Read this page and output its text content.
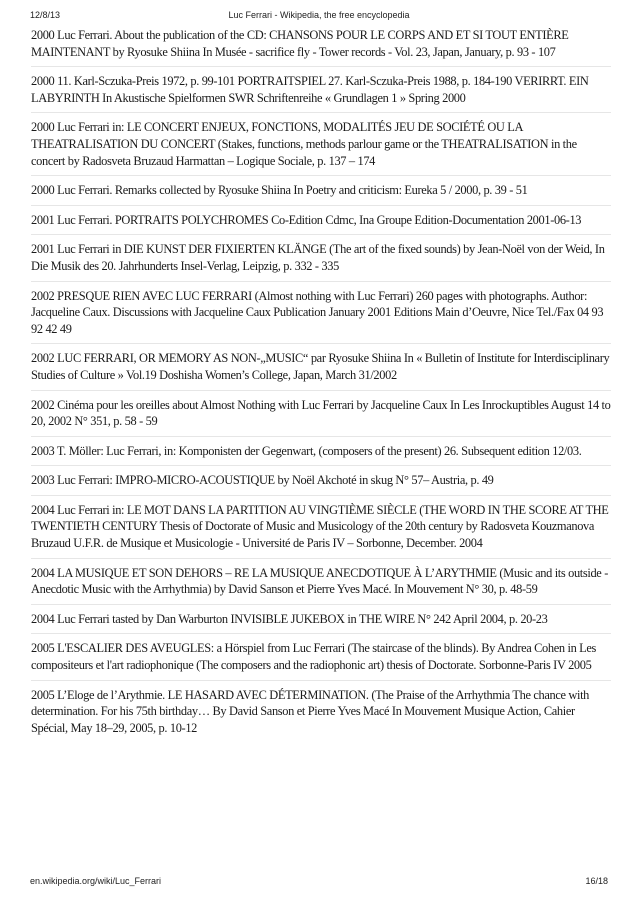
12/8/13	Luc Ferrari - Wikipedia, the free encyclopedia

2000 Luc Ferrari. About the publication of the CD: CHANSONS POUR LE CORPS AND ET SI TOUT ENTIÈRE MAINTENANT by Ryosuke Shiina In Musée - sacrifice fly - Tower records - Vol. 23, Japan, January, p. 93 - 107

2000 11. Karl-Sczuka-Preis 1972, p. 99-101 PORTRAITSPIEL 27. Karl-Sczuka-Preis 1988, p. 184-190 VERIRRT. EIN LABYRINTH In Akustische Spielformen SWR Schriftenreihe « Grundlagen 1 » Spring 2000

2000 Luc Ferrari in: LE CONCERT ENJEUX, FONCTIONS, MODALITÉS JEU DE SOCIÉTÉ OU LA THEATRALISATION DU CONCERT (Stakes, functions, methods parlour game or the THEATRALISATION in the concert by Radosveta Bruzaud Harmattan – Logique Sociale, p. 137 – 174

2000 Luc Ferrari. Remarks collected by Ryosuke Shiina In Poetry and criticism: Eureka 5 / 2000, p. 39 - 51

2001 Luc Ferrari. PORTRAITS POLYCHROMES Co-Edition Cdmc, Ina Groupe Edition-Documentation 2001-06-13

2001 Luc Ferrari in DIE KUNST DER FIXIERTEN KLÄNGE (The art of the fixed sounds) by Jean-Noël von der Weid, In Die Musik des 20. Jahrhunderts Insel-Verlag, Leipzig, p. 332 - 335

2002 PRESQUE RIEN AVEC LUC FERRARI (Almost nothing with Luc Ferrari) 260 pages with photographs. Author: Jacqueline Caux. Discussions with Jacqueline Caux Publication January 2001 Editions Main d’Oeuvre, Nice Tel./Fax 04 93 92 42 49

2002 LUC FERRARI, OR MEMORY AS NON-„MUSIC“ par Ryosuke Shiina In « Bulletin of Institute for Interdisciplinary Studies of Culture » Vol.19 Doshisha Women’s College, Japan, March 31/2002

2002 Cinéma pour les oreilles about Almost Nothing with Luc Ferrari by Jacqueline Caux In Les Inrockuptibles August 14 to 20, 2002 N° 351, p. 58 - 59

2003 T. Möller: Luc Ferrari, in: Komponisten der Gegenwart, (composers of the present) 26. Subsequent edition 12/03.

2003 Luc Ferrari: IMPRO-MICRO-ACOUSTIQUE by Noël Akchoté in skug N° 57– Austria, p. 49

2004 Luc Ferrari in: LE MOT DANS LA PARTITION AU VINGTIÈME SIÈCLE (THE WORD IN THE SCORE AT THE TWENTIETH CENTURY Thesis of Doctorate of Music and Musicology of the 20th century by Radosveta Kouzmanova Bruzaud U.F.R. de Musique et Musicologie - Université de Paris IV – Sorbonne, December. 2004

2004 LA MUSIQUE ET SON DEHORS – RE LA MUSIQUE ANECDOTIQUE À L’ARYTHMIE (Music and its outside - Anecdotic Music with the Arrhythmia) by David Sanson et Pierre Yves Macé. In Mouvement N° 30, p. 48-59

2004 Luc Ferrari tasted by Dan Warburton INVISIBLE JUKEBOX in THE WIRE N° 242 April 2004, p. 20-23

2005 L'ESCALIER DES AVEUGLES: a Hörspiel from Luc Ferrari (The staircase of the blinds). By Andrea Cohen in Les compositeurs et l'art radiophonique (The composers and the radiophonic art) thesis of Doctorate. Sorbonne-Paris IV 2005

2005 L’Eloge de l’Arythmie. LE HASARD AVEC DÉTERMINATION. (The Praise of the Arrhythmia The chance with determination. For his 75th birthday… By David Sanson et Pierre Yves Macé In Mouvement Musique Action, Cahier Spécial, May 18–29, 2005, p. 10-12

en.wikipedia.org/wiki/Luc_Ferrari	16/18
